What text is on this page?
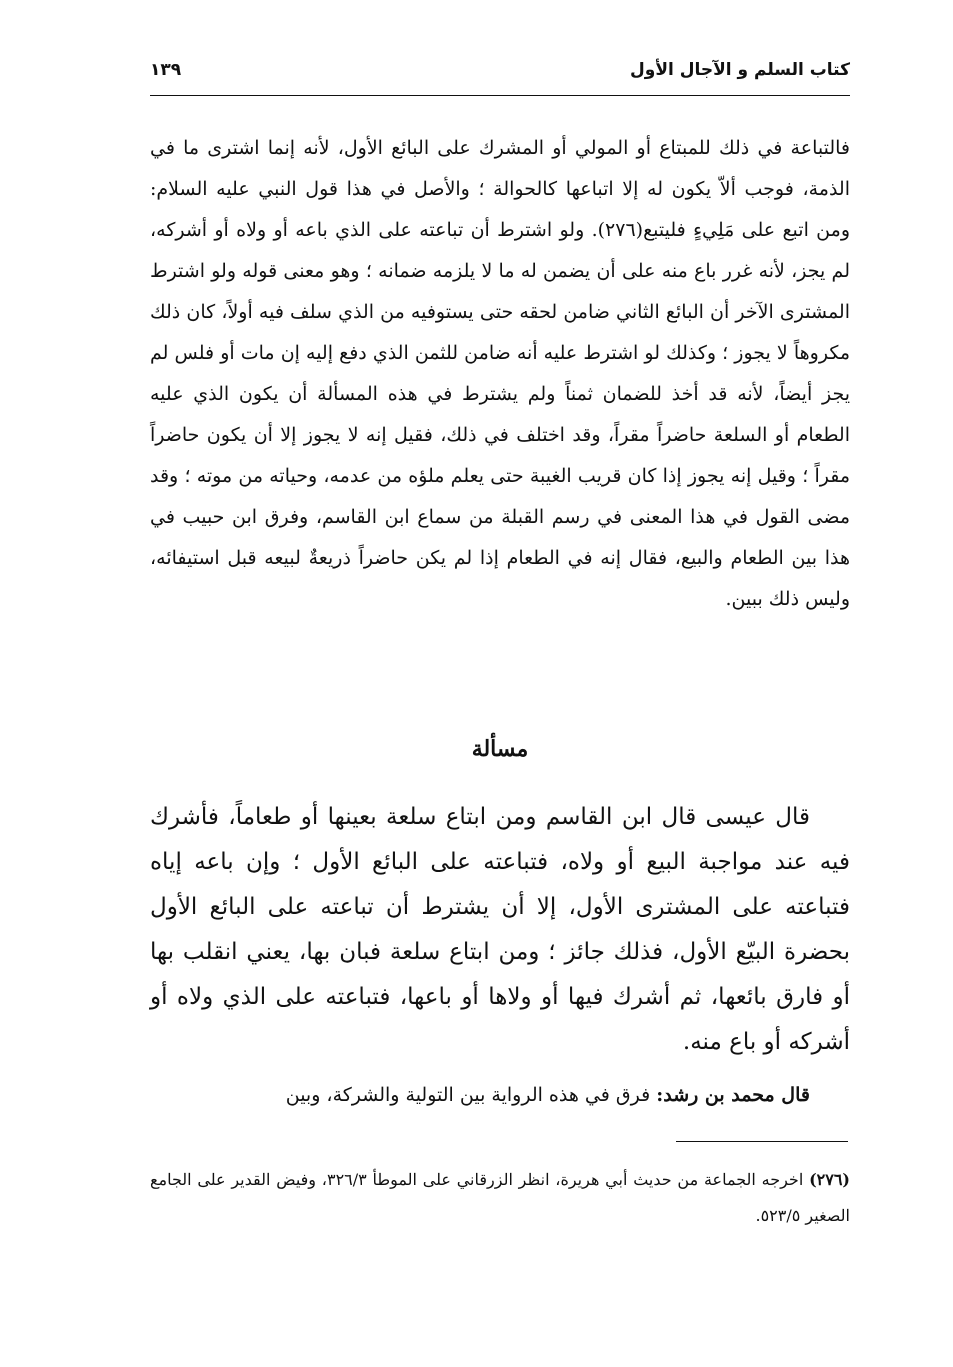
كتاب السلم و الآجال الأول
١٣٩

فالتباعة في ذلك للمبتاع أو المولي أو المشرك على البائع الأول، لأنه إنما اشترى ما في الذمة، فوجب ألاّ يكون له إلا اتباعها كالحوالة ؛ والأصل في هذا قول النبي عليه السلام: ومن اتبع على مَلِيءٍ فليتبع(٢٧٦). ولو اشترط أن تباعته على الذي باعه أو ولاه أو أشركه، لم يجز، لأنه غرر باع منه على أن يضمن له ما لا يلزمه ضمانه ؛ وهو معنى قوله ولو اشترط المشترى الآخر أن البائع الثاني ضامن لحقه حتى يستوفيه من الذي سلف فيه أولاً، كان ذلك مكروهاً لا يجوز ؛ وكذلك لو اشترط عليه أنه ضامن للثمن الذي دفع إليه إن مات أو فلس لم يجز أيضاً، لأنه قد أخذ للضمان ثمناً ولم يشترط في هذه المسألة أن يكون الذي عليه الطعام أو السلعة حاضراً مقراً، وقد اختلف في ذلك، فقيل إنه لا يجوز إلا أن يكون حاضراً مقراً ؛ وقيل إنه يجوز إذا كان قريب الغيبة حتى يعلم ملؤه من عدمه، وحياته من موته ؛ وقد مضى القول في هذا المعنى في رسم القبلة من سماع ابن القاسم، وفرق ابن حبيب في هذا بين الطعام والبيع، فقال إنه في الطعام إذا لم يكن حاضراً ذريعةٌ لبيعه قبل استيفائه، وليس ذلك ببين.

مسألة

قال عيسى قال ابن القاسم ومن ابتاع سلعة بعينها أو طعاماً، فأشرك فيه عند مواجبة البيع أو ولاه، فتباعته على البائع الأول ؛ وإن باعه إياه فتباعته على المشترى الأول، إلا أن يشترط أن تباعته على البائع الأول بحضرة البيّع الأول، فذلك جائز ؛ ومن ابتاع سلعة فبان بها، يعني انقلب بها أو فارق بائعها، ثم أشرك فيها أو ولاها أو باعها، فتباعته على الذي ولاه أو أشركه أو باع منه.

قال محمد بن رشد: فرق في هذه الرواية بين التولية والشركة، وبين

(٢٧٦) اخرجه الجماعة من حديث أبي هريرة، انظر الزرقاني على الموطأ ٣٢٦/٣، وفيض القدير على الجامع الصغير ٥٢٣/٥.
